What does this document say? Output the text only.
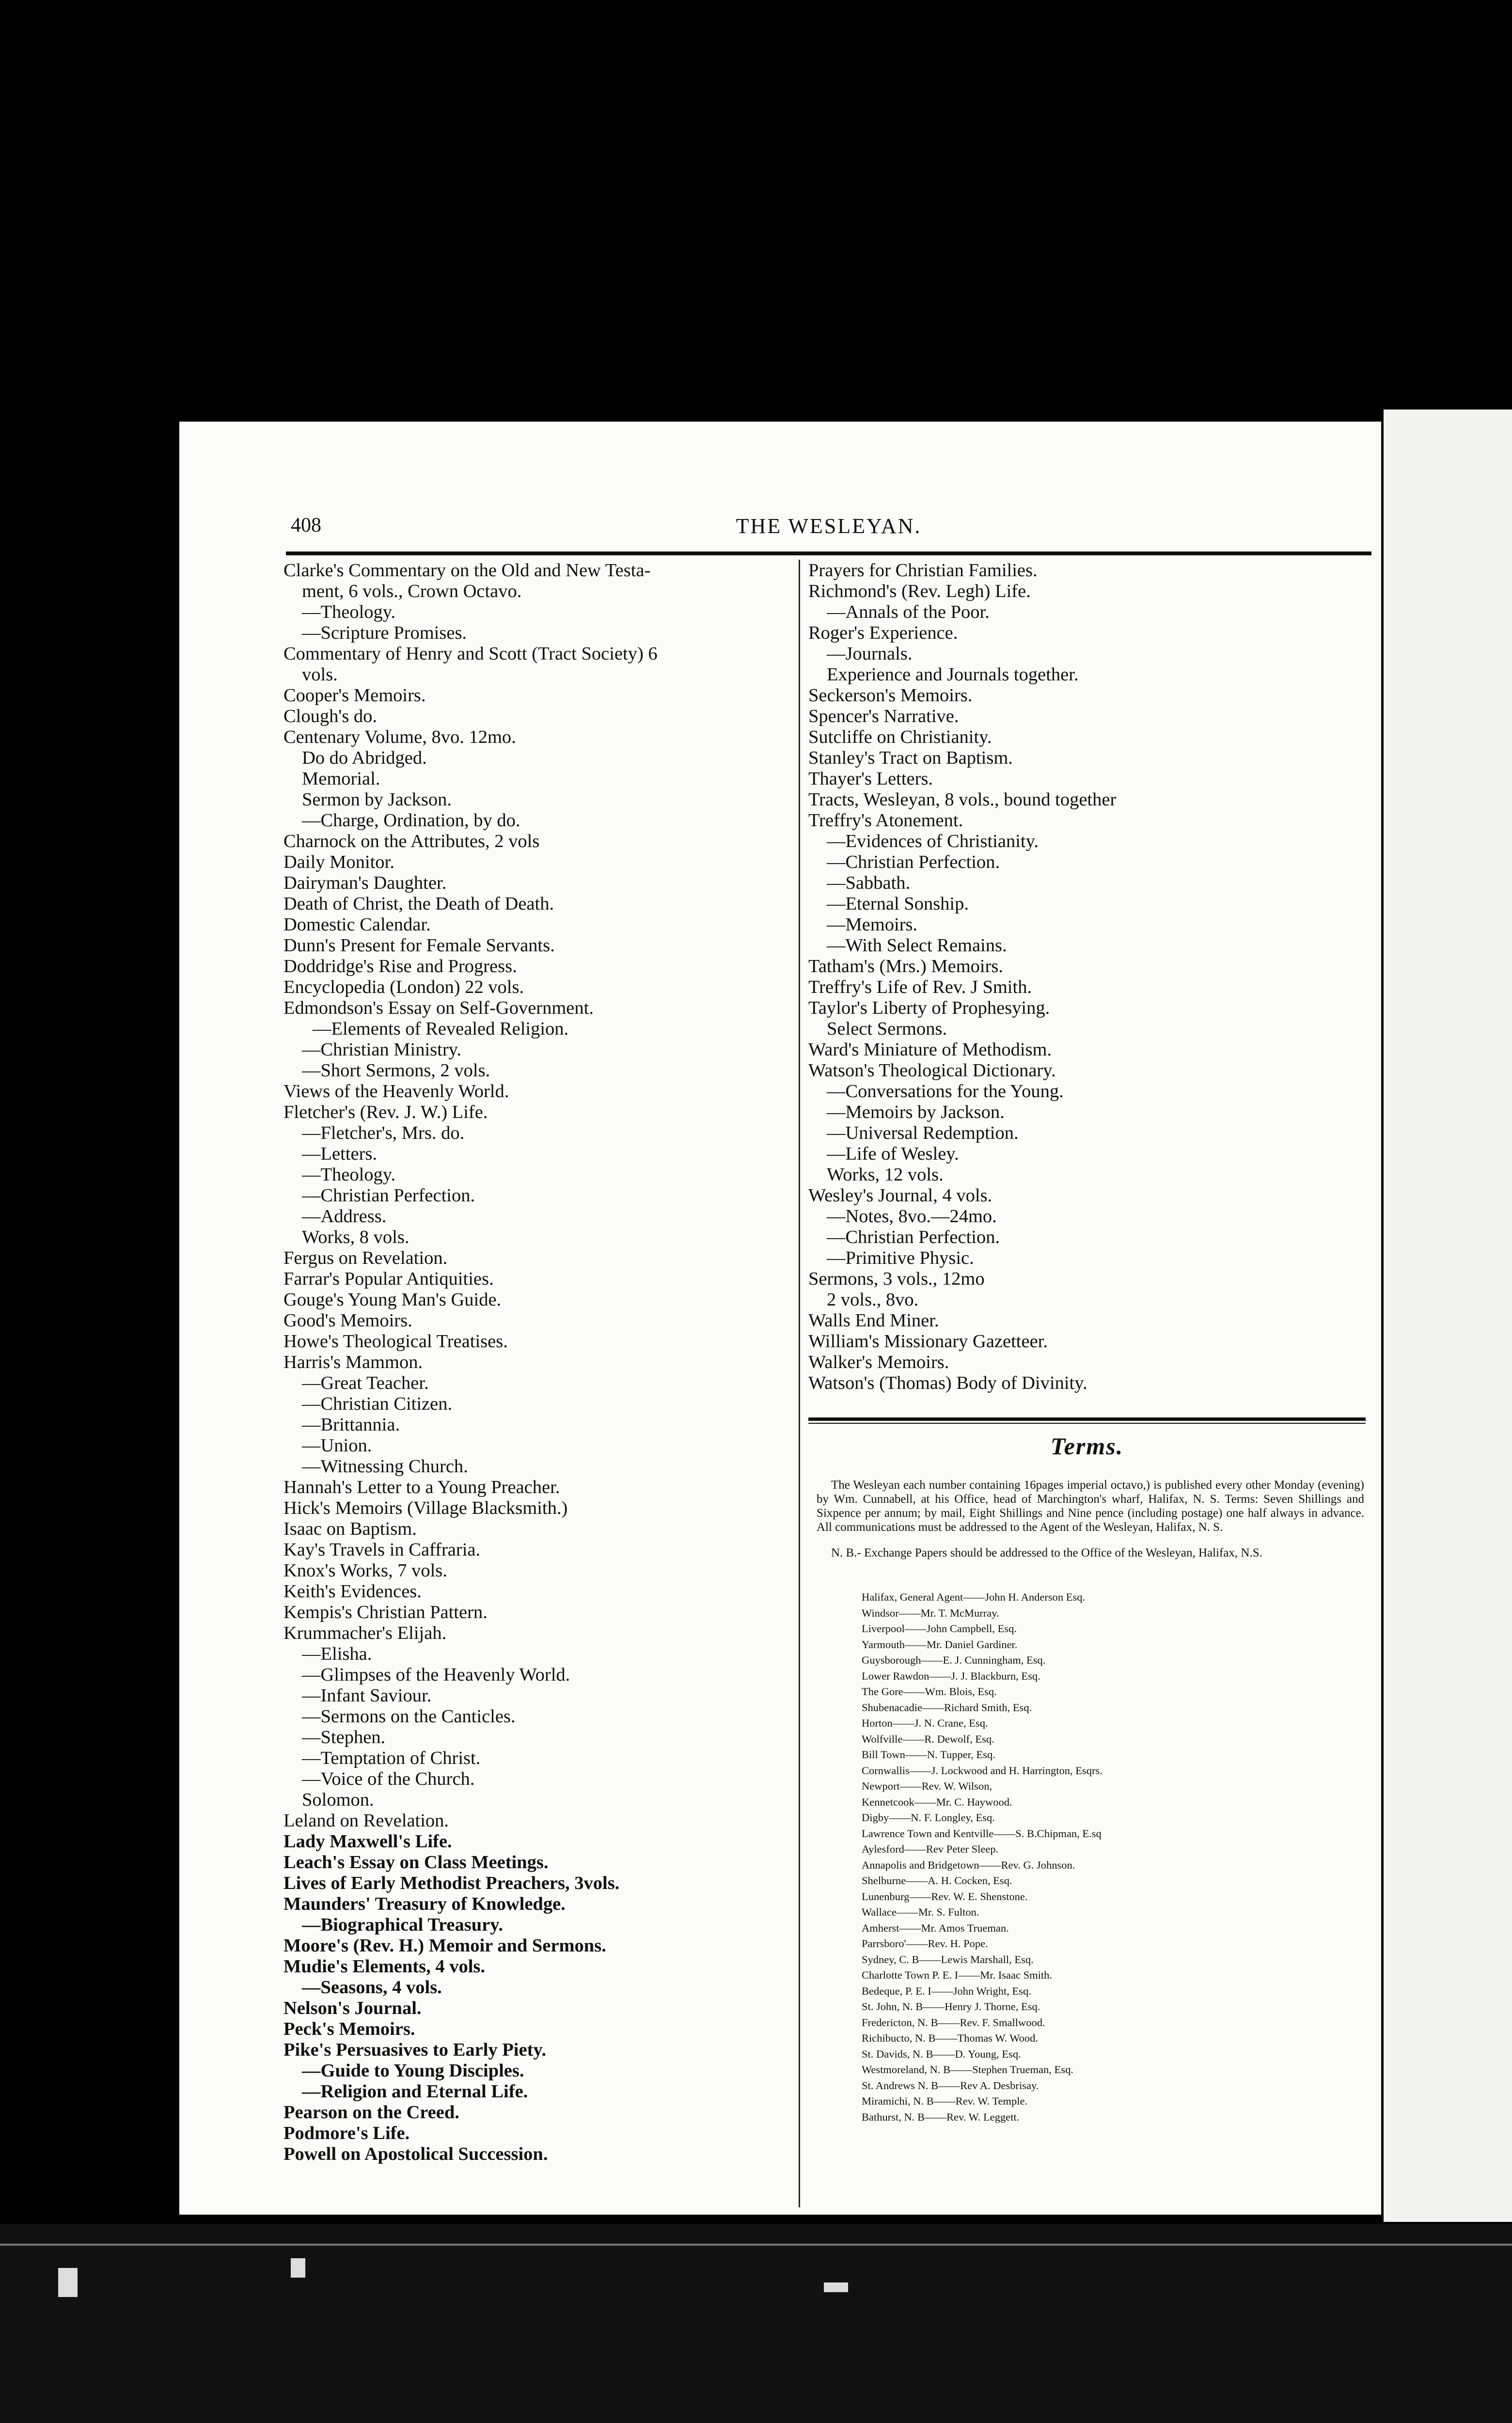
408	THE WESLEYAN.
Clarke's Commentary on the Old and New Testa-
ment, 6 vols., Crown Octavo.
—Theology.
—Scripture Promises.
Commentary of Henry and Scott (Tract Society) 6
vols.
Cooper's Memoirs.
Clough's do.
Centenary Volume, 8vo. 12mo.
Do do Abridged.
Memorial.
Sermon by Jackson.
—Charge, Ordination, by do.
Charnock on the Attributes, 2 vols
Daily Monitor.
Dairyman's Daughter.
Death of Christ, the Death of Death.
Domestic Calendar.
Dunn's Present for Female Servants.
Doddridge's Rise and Progress.
Encyclopedia (London) 22 vols.
Edmondson's Essay on Self-Government.
—Elements of Revealed Religion.
—Christian Ministry.
—Short Sermons, 2 vols.
Views of the Heavenly World.
Fletcher's (Rev. J. W.) Life.
—Fletcher's, Mrs. do.
—Letters.
—Theology.
—Christian Perfection.
—Address.
Works, 8 vols.
Fergus on Revelation.
Farrar's Popular Antiquities.
Gouge's Young Man's Guide.
Good's Memoirs.
Howe's Theological Treatises.
Harris's Mammon.
—Great Teacher.
—Christian Citizen.
—Brittannia.
—Union.
—Witnessing Church.
Hannah's Letter to a Young Preacher.
Hick's Memoirs (Village Blacksmith.)
Isaac on Baptism.
Kay's Travels in Caffraria.
Knox's Works, 7 vols.
Keith's Evidences.
Kempis's Christian Pattern.
Krummacher's Elijah.
—Elisha.
—Glimpses of the Heavenly World.
—Infant Saviour.
—Sermons on the Canticles.
—Stephen.
—Temptation of Christ.
—Voice of the Church.
Solomon.
Leland on Revelation.
Lady Maxwell's Life.
Leach's Essay on Class Meetings.
Lives of Early Methodist Preachers, 3vols.
Maunders' Treasury of Knowledge.
—Biographical Treasury.
Moore's (Rev. H.) Memoir and Sermons.
Mudie's Elements, 4 vols.
—Seasons, 4 vols.
Nelson's Journal.
Peck's Memoirs.
Pike's Persuasives to Early Piety.
—Guide to Young Disciples.
—Religion and Eternal Life.
Pearson on the Creed.
Podmore's Life.
Powell on Apostolical Succession.
Prayers for Christian Families.
Richmond's (Rev. Legh) Life.
—Annals of the Poor.
Roger's Experience.
—Journals.
Experience and Journals together.
Seckerson's Memoirs.
Spencer's Narrative.
Sutcliffe on Christianity.
Stanley's Tract on Baptism.
Thayer's Letters.
Tracts, Wesleyan, 8 vols., bound together
Treffry's Atonement.
—Evidences of Christianity.
—Christian Perfection.
—Sabbath.
—Eternal Sonship.
—Memoirs.
—With Select Remains.
Tatham's (Mrs.) Memoirs.
Treffry's Life of Rev. J Smith.
Taylor's Liberty of Prophesying.
Select Sermons.
Ward's Miniature of Methodism.
Watson's Theological Dictionary.
—Conversations for the Young.
—Memoirs by Jackson.
—Universal Redemption.
—Life of Wesley.
Works, 12 vols.
Wesley's Journal, 4 vols.
—Notes, 8vo.—24mo.
—Christian Perfection.
—Primitive Physic.
Sermons, 3 vols., 12mo
2 vols., 8vo.
Walls End Miner.
William's Missionary Gazetteer.
Walker's Memoirs.
Watson's (Thomas) Body of Divinity.
Terms.

The Wesleyan each number containing 16pages imperial octavo,) is published every other Monday (evening) by Wm. Cunnabell, at his Office, head of Marchington's wharf, Halifax, N. S. Terms: Seven Shillings and Sixpence per annum; by mail, Eight Shillings and Nine pence (including postage) one half always in advance. All communications must be addressed to the Agent of the Wesleyan, Halifax, N. S.

N. B.- Exchange Papers should be addressed to the Office of the Wesleyan, Halifax, N.S.

Halifax, General Agent——John H. Anderson Esq.
Windsor——Mr. T. McMurray.
Liverpool——John Campbell, Esq.
Yarmouth——Mr. Daniel Gardiner.
Guysborough——E. J. Cunningham, Esq.
Lower Rawdon——J. J. Blackburn, Esq.
The Gore——Wm. Blois, Esq.
Shubenacadie——Richard Smith, Esq.
Horton——J. N. Crane, Esq.
Wolfville——R. Dewolf, Esq.
Bill Town——N. Tupper, Esq.
Cornwallis——J. Lockwood and H. Harrington, Esqrs.
Newport——Rev. W. Wilson,
Kennetcook——Mr. C. Haywood.
Digby——N. F. Longley, Esq.
Lawrence Town and Kentville——S. B.Chipman, E.sq
Aylesford——Rev Peter Sleep.
Annapolis and Bridgetown——Rev. G. Johnson.
Shelburne——A. H. Cocken, Esq.
Lunenburg——Rev. W. E. Shenstone.
Wallace——Mr. S. Fulton.
Amherst——Mr. Amos Trueman.
Parrsboro'——Rev. H. Pope.
Sydney, C. B——Lewis Marshall, Esq.
Charlotte Town P. E. I——Mr. Isaac Smith.
Bedeque, P. E. I——John Wright, Esq.
St. John, N. B——Henry J. Thorne, Esq.
Fredericton, N. B——Rev. F. Smallwood.
Richibucto, N. B——Thomas W. Wood.
St. Davids, N. B——D. Young, Esq.
Westmoreland, N. B——Stephen Trueman, Esq.
St. Andrews N. B——Rev A. Desbrisay.
Miramichi, N. B——Rev. W. Temple.
Bathurst, N. B——Rev. W. Leggett.
